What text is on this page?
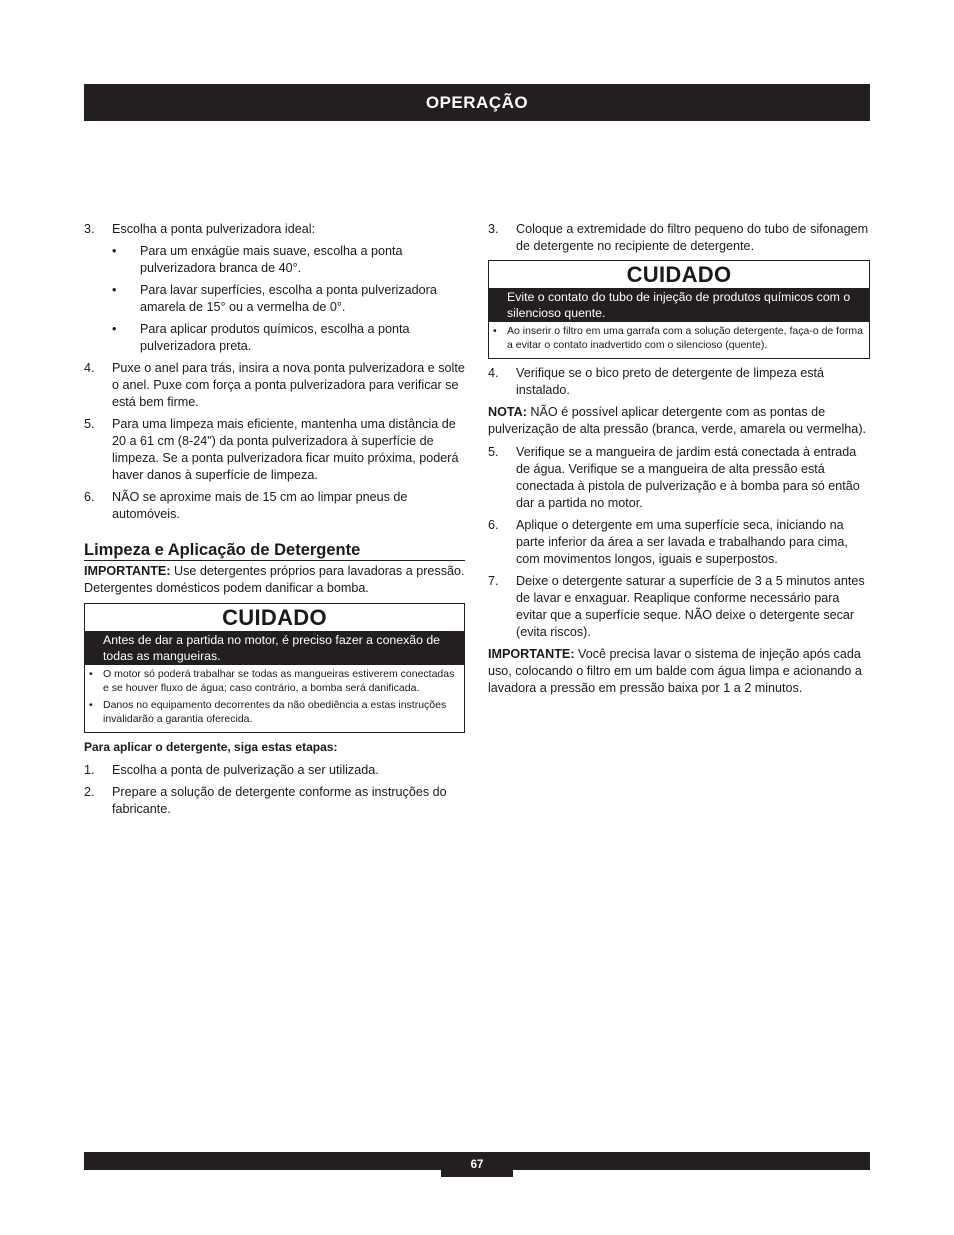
OPERAÇÃO
3.	Escolha a ponta pulverizadora ideal:
•	Para um enxágüe mais suave, escolha a ponta pulverizadora branca de 40°.
•	Para lavar superfícies, escolha a ponta pulverizadora amarela de 15° ou a vermelha de 0°.
•	Para aplicar produtos químicos, escolha a ponta pulverizadora preta.
4.	Puxe o anel para trás, insira a nova ponta pulverizadora e solte o anel. Puxe com força a ponta pulverizadora para verificar se está bem firme.
5.	Para uma limpeza mais eficiente, mantenha uma distância de 20 a 61 cm (8-24") da ponta pulverizadora à superfície de limpeza. Se a ponta pulverizadora ficar muito próxima, poderá haver danos à superfície de limpeza.
6.	NÃO se aproxime mais de 15 cm ao limpar pneus de automóveis.
Limpeza e Aplicação de Detergente
IMPORTANTE: Use detergentes próprios para lavadoras a pressão. Detergentes domésticos podem danificar a bomba.
CUIDADO
Antes de dar a partida no motor, é preciso fazer a conexão de todas as mangueiras.
• O motor só poderá trabalhar se todas as mangueiras estiverem conectadas e se houver fluxo de água; caso contrário, a bomba será danificada.
• Danos no equipamento decorrentes da não obediência a estas instruções invalidarão a garantia oferecida.
Para aplicar o detergente, siga estas etapas:
1.	Escolha a ponta de pulverização a ser utilizada.
2.	Prepare a solução de detergente conforme as instruções do fabricante.
3.	Coloque a extremidade do filtro pequeno do tubo de sifonagem de detergente no recipiente de detergente.
CUIDADO
Evite o contato do tubo de injeção de produtos químicos com o silencioso quente.
• Ao inserir o filtro em uma garrafa com a solução detergente, faça-o de forma a evitar o contato inadvertido com o silencioso (quente).
4.	Verifique se o bico preto de detergente de limpeza está instalado.
NOTA: NÃO é possível aplicar detergente com as pontas de pulverização de alta pressão (branca, verde, amarela ou vermelha).
5.	Verifique se a mangueira de jardim está conectada à entrada de água. Verifique se a mangueira de alta pressão está conectada à pistola de pulverização e à bomba para só então dar a partida no motor.
6.	Aplique o detergente em uma superfície seca, iniciando na parte inferior da área a ser lavada e trabalhando para cima, com movimentos longos, iguais e superpostos.
7.	Deixe o detergente saturar a superfície de 3 a 5 minutos antes de lavar e enxaguar. Reaplique conforme necessário para evitar que a superfície seque. NÃO deixe o detergente secar (evita riscos).
IMPORTANTE: Você precisa lavar o sistema de injeção após cada uso, colocando o filtro em um balde com água limpa e acionando a lavadora a pressão em pressão baixa por 1 a 2 minutos.
67
